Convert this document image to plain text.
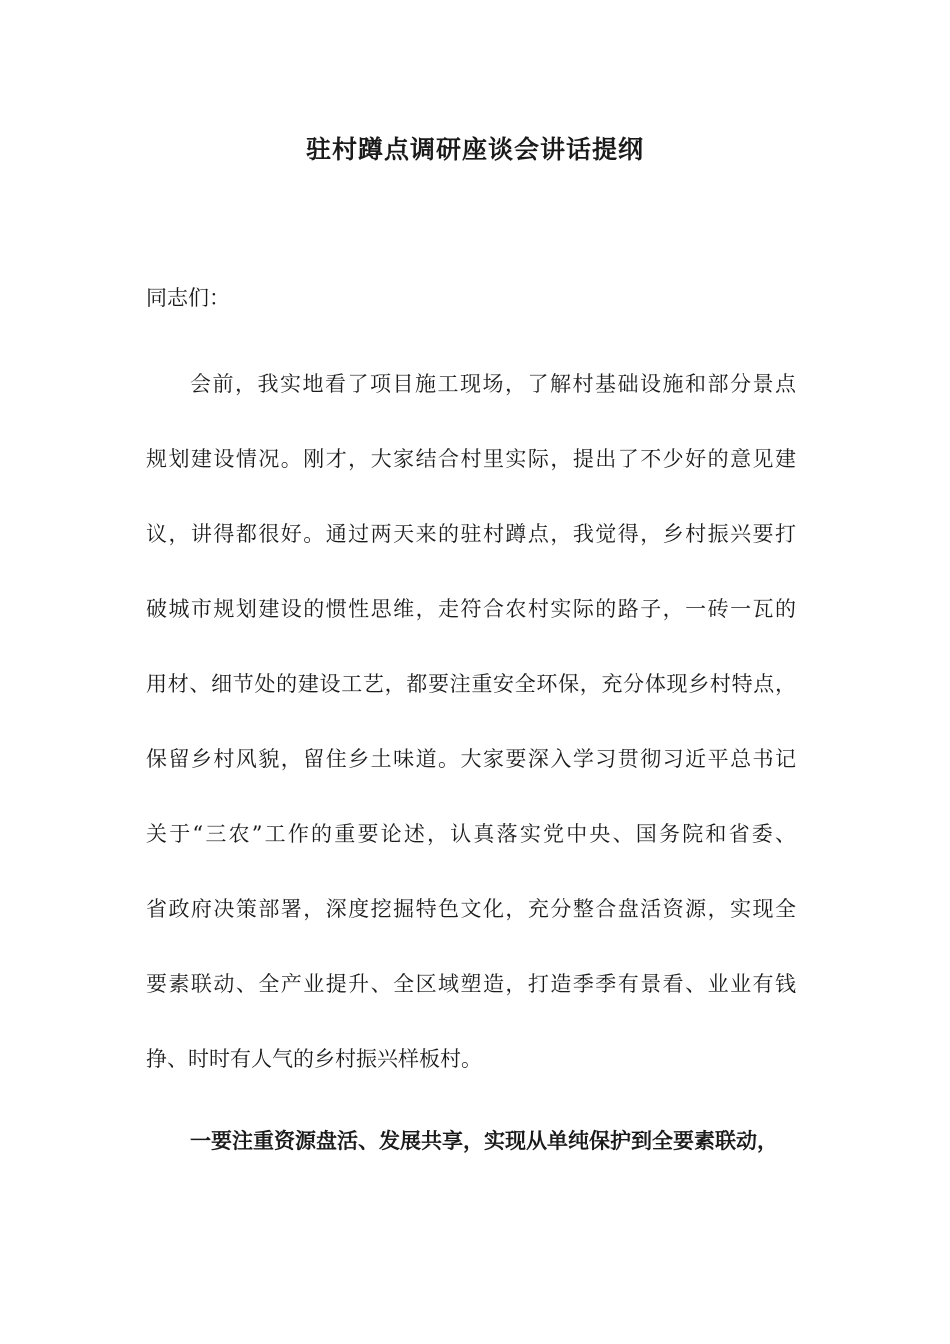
驻村蹲点调研座谈会讲话提纲

同志们：

会前，我实地看了项目施工现场，了解村基础设施和部分景点
规划建设情况。刚才，大家结合村里实际，提出了不少好的意见建
议，讲得都很好。通过两天来的驻村蹲点，我觉得，乡村振兴要打
破城市规划建设的惯性思维，走符合农村实际的路子，一砖一瓦的
用材、细节处的建设工艺，都要注重安全环保，充分体现乡村特点，
保留乡村风貌，留住乡土味道。大家要深入学习贯彻习近平总书记
关于“三农”工作的重要论述，认真落实党中央、国务院和省委、
省政府决策部署，深度挖掘特色文化，充分整合盘活资源，实现全
要素联动、全产业提升、全区域塑造，打造季季有景看、业业有钱
挣、时时有人气的乡村振兴样板村。

一要注重资源盘活、发展共享，实现从单纯保护到全要素联动，
